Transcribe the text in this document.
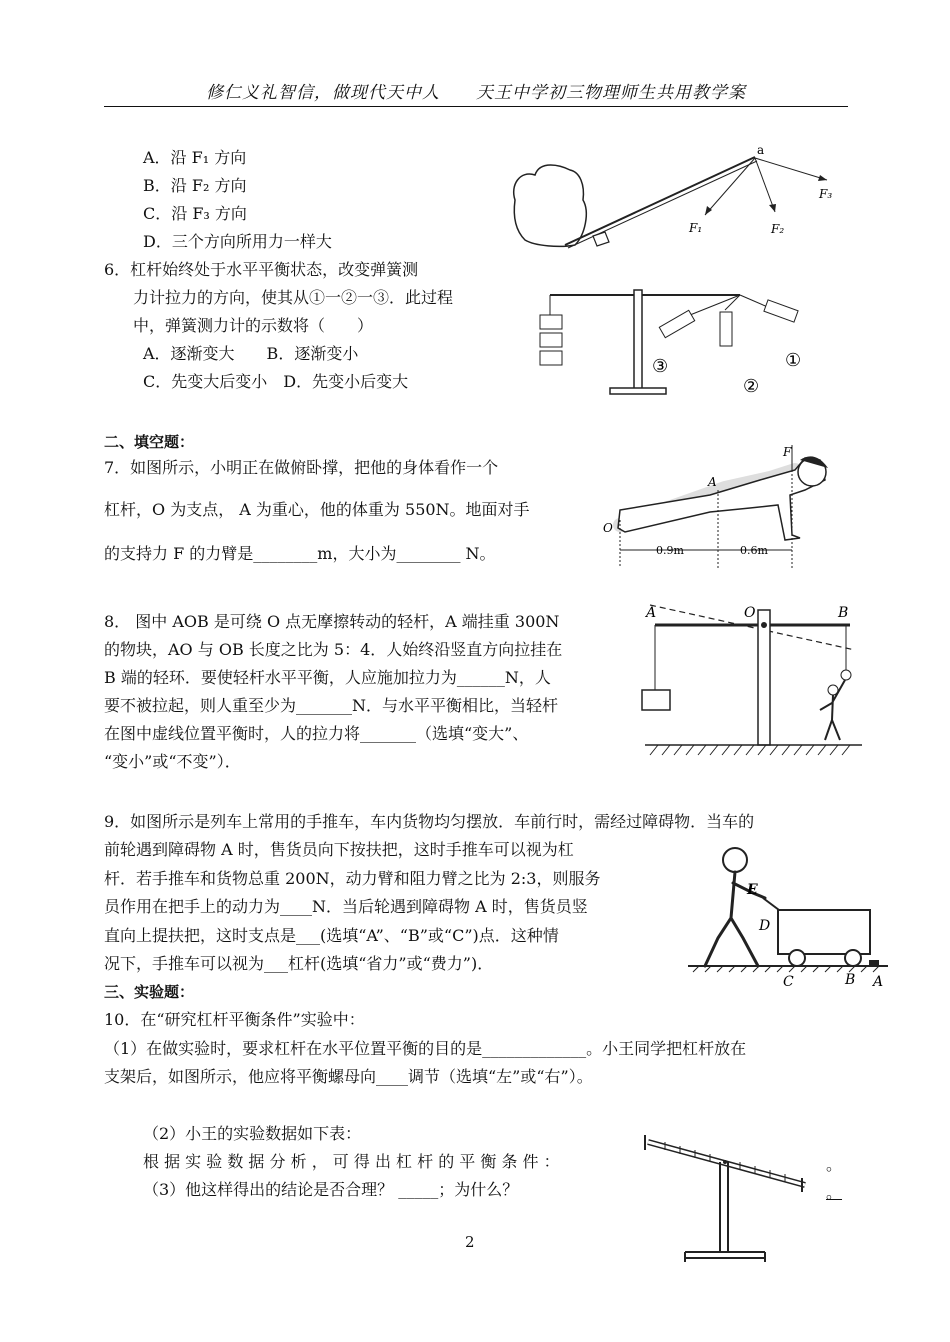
修仁义礼智信，做现代天中人　　天王中学初三物理师生共用教学案
A．沿 F₁ 方向
B．沿 F₂ 方向
C．沿 F₃ 方向
D．三个方向所用力一样大
a
F₁	F₂
F₃
6．杠杆始终处于水平平衡状态，改变弹簧测
力计拉力的方向，使其从①一②一③．此过程
中，弹簧测力计的示数将（　　）
A．逐渐变大　　B．逐渐变小
C．先变大后变小　D．先变小后变大
①
②
③
二、填空题：
7．如图所示，小明正在做俯卧撑，把他的身体看作一个
杠杆，O 为支点， A 为重心，他的体重为 550N。地面对手
的支持力 F 的力臂是________m，大小为________ N。
F
A
O
0.9m	0.6m
8． 图中 AOB 是可绕 O 点无摩擦转动的轻杆，A 端挂重 300N
的物块，AO 与 OB 长度之比为 5：4．人始终沿竖直方向拉挂在
B 端的轻环．要使轻杆水平平衡，人应施加拉力为______N，人
要不被拉起，则人重至少为_______N．与水平平衡相比，当轻杆
在图中虚线位置平衡时，人的拉力将_______（选填“变大”、
“变小”或“不变”）．
A	O	B
9．如图所示是列车上常用的手推车，车内货物均匀摆放．车前行时，需经过障碍物．当车的
前轮遇到障碍物 A 时，售货员向下按扶把，这时手推车可以视为杠
杆．若手推车和货物总重 200N，动力臂和阻力臂之比为 2:3，则服务
员作用在把手上的动力为____N．当后轮遇到障碍物 A 时，售货员竖
直向上提扶把，这时支点是___(选填“A”、“B”或“C”)点．这种情
况下，手推车可以视为___杠杆(选填“省力”或“费力”)．
E
D
C	B A
三、实验题：
10．在“研究杠杆平衡条件”实验中：
（1）在做实验时，要求杠杆在水平位置平衡的目的是_____________。小王同学把杠杆放在
支架后，如图所示，他应将平衡螺母向____调节（选填“左”或“右”）。
（2）小王的实验数据如下表：
根 据 实 验 数 据 分 析 ， 可 得 出 杠 杆 的 平 衡 条 件 ：
（3）他这样得出的结论是否合理？ _____；为什么？
。
。
2
